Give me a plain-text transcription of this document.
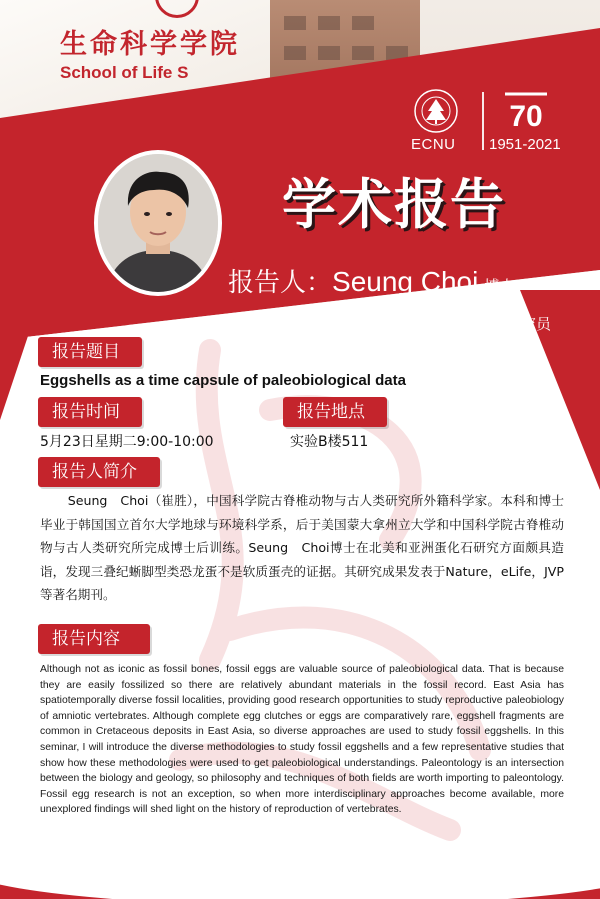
生命科学学院
School of Life S
ECNU
70
1951-2021
学术报告
报告人：Seung Choi 博士
主持人：王烁 研究员
报告题目
Eggshells as a time capsule of paleobiological data
报告时间
5月23日星期二9:00-10:00
报告地点
实验B楼511
报告人简介
Seung　Choi（崔胜），中国科学院古脊椎动物与古人类研究所外籍科学家。本科和博士毕业于韩国国立首尔大学地球与环境科学系，后于美国蒙大拿州立大学和中国科学院古脊椎动物与古人类研究所完成博士后训练。Seung　Choi博士在北美和亚洲蛋化石研究方面颇具造诣，发现三叠纪蜥脚型类恐龙蛋不是软质蛋壳的证据。其研究成果发表于Nature，eLife，JVP等著名期刊。
报告内容
Although not as iconic as fossil bones, fossil eggs are valuable source of paleobiological data. That is because they are easily fossilized so there are relatively abundant materials in the fossil record. East Asia has spatiotemporally diverse fossil localities, providing good research opportunities to study reproductive paleobiology of amniotic vertebrates. Although complete egg clutches or eggs are comparatively rare, eggshell fragments are common in Cretaceous deposits in East Asia, so diverse approaches are used to study fossil eggshells. In this seminar, I will introduce the diverse methodologies to study fossil eggshells and a few representative studies that show how these methodologies were used to get paleobiological understandings. Paleontology is an intersection between the biology and geology, so philosophy and techniques of both fields are worth importing to paleontology. Fossil egg research is not an exception, so when more interdisciplinary approaches become available, more unexplored findings will shed light on the history of reproduction of vertebrates.
